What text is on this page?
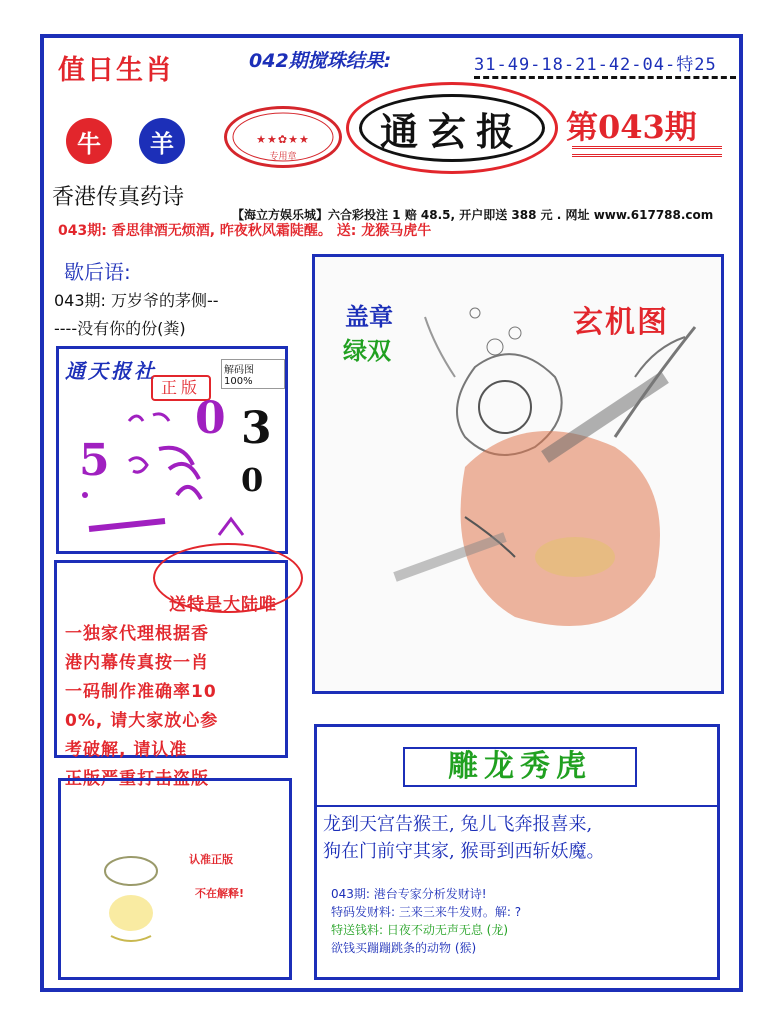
值日生肖	042期搅珠结果:	31-49-18-21-42-04-特25
牛	羊	★★✿★★
专用章
通玄报	第043期
香港传真药诗
【海立方娱乐城】六合彩投注 1 赔 48.5, 开户即送 388 元 . 网址 www.617788.com
043期: 香思律酒无烦酒, 昨夜秋风霜陡醒。 送: 龙猴马虎牛
歇后语:
043期: 万岁爷的茅侧--
----没有你的份(粪)
通天报社	解码图100%
正版
5
0 3
0
送特是大陆唯
一独家代理根据香
港内幕传真按一肖
一码制作准确率10
0%, 请大家放心参
考破解, 请认准
正版严重打击盗版
认准正版
不在解释!
盖章
绿双
玄机图
雕龙秀虎
龙到天宫告猴王, 兔儿飞奔报喜来,
狗在门前守其家, 猴哥到西斩妖魔。
043期: 港台专家分析发财诗!
特码发财料: 三来三来牛发财。解: ?
特送钱料: 日夜不动无声无息 (龙)
欲钱买蹦蹦跳条的动物 (猴)
